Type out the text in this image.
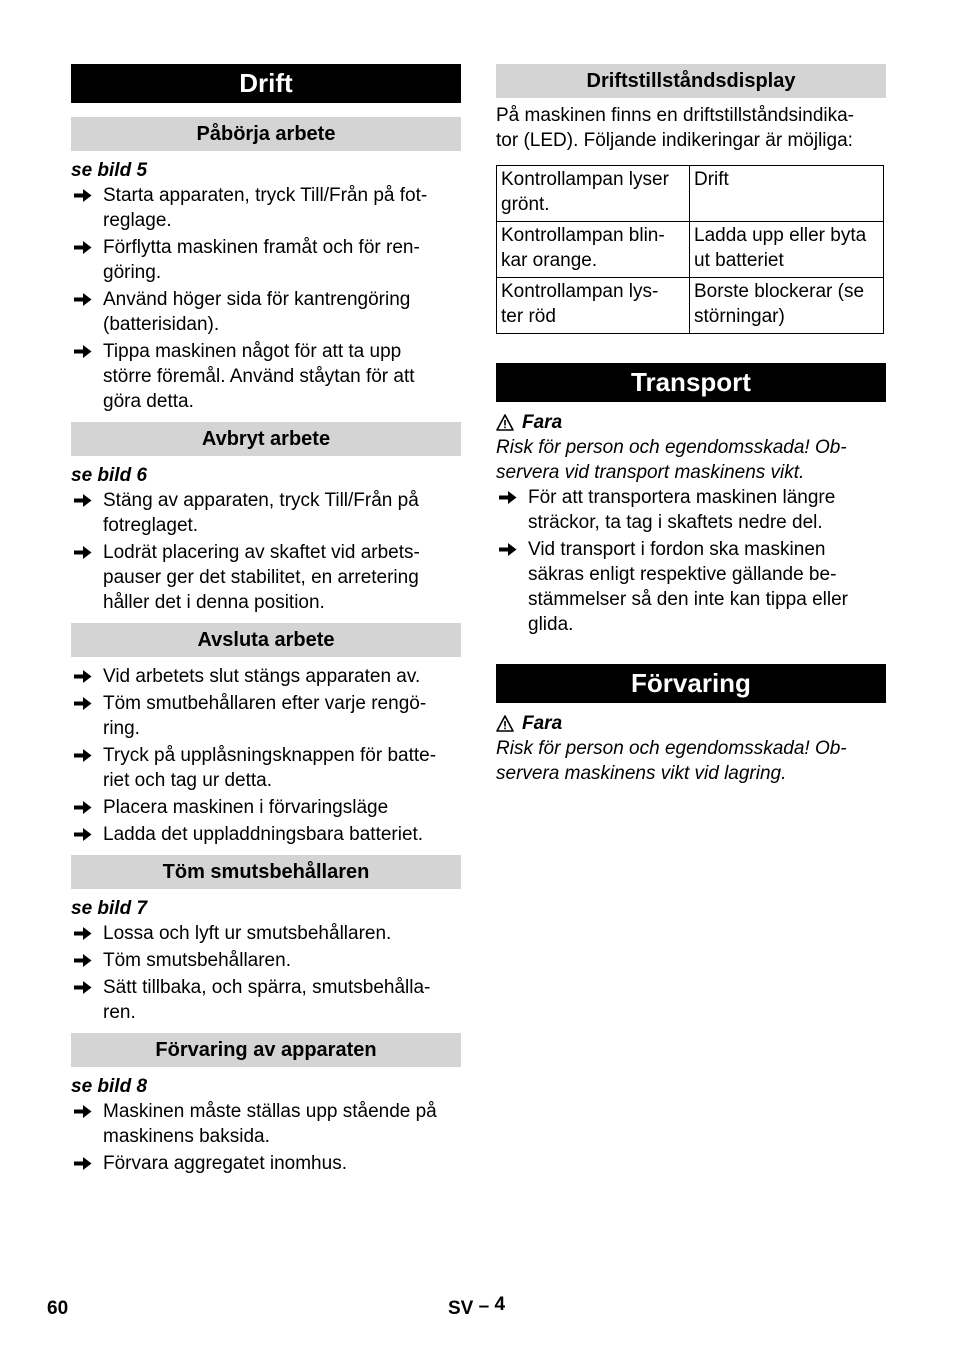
Drift
Påbörja arbete
se bild 5
Starta apparaten, tryck Till/Från på fot-
reglage.
Förflytta maskinen framåt och för ren-
göring.
Använd höger sida för kantrengöring
(batterisidan).
Tippa maskinen något för att ta upp
större föremål. Använd ståytan för att
göra detta.
Avbryt arbete
se bild 6
Stäng av apparaten, tryck Till/Från på
fotreglaget.
Lodrät placering av skaftet vid arbets-
pauser ger det stabilitet, en arretering
håller det i denna position.
Avsluta arbete
Vid arbetets slut stängs apparaten av.
Töm smutbehållaren efter varje rengö-
ring.
Tryck på upplåsningsknappen för batte-
riet och tag ur detta.
Placera maskinen i förvaringsläge
Ladda det uppladdningsbara batteriet.
Töm smutsbehållaren
se bild 7
Lossa och lyft ur smutsbehållaren.
Töm smutsbehållaren.
Sätt tillbaka, och spärra, smutsbehålla-
ren.
Förvaring av apparaten
se bild 8
Maskinen måste ställas upp stående på
maskinens baksida.
Förvara aggregatet inomhus.
Driftstillståndsdisplay
På maskinen finns en driftstillståndsindika-
tor (LED). Följande indikeringar är möjliga:
Kontrollampan lyser
grönt.	Drift
Kontrollampan blin-
kar orange.	Ladda upp eller byta
ut batteriet
Kontrollampan lys-
ter röd	Borste blockerar (se
störningar)
Transport
Fara
Risk för person och egendomsskada! Ob-
servera vid transport maskinens vikt.
För att transportera maskinen längre
sträckor, ta tag i skaftets nedre del.
Vid transport i fordon ska maskinen
säkras enligt respektive gällande be-
stämmelser så den inte kan tippa eller
glida.
Förvaring
Fara
Risk för person och egendomsskada! Ob-
servera maskinens vikt vid lagring.
60	SV – 4
